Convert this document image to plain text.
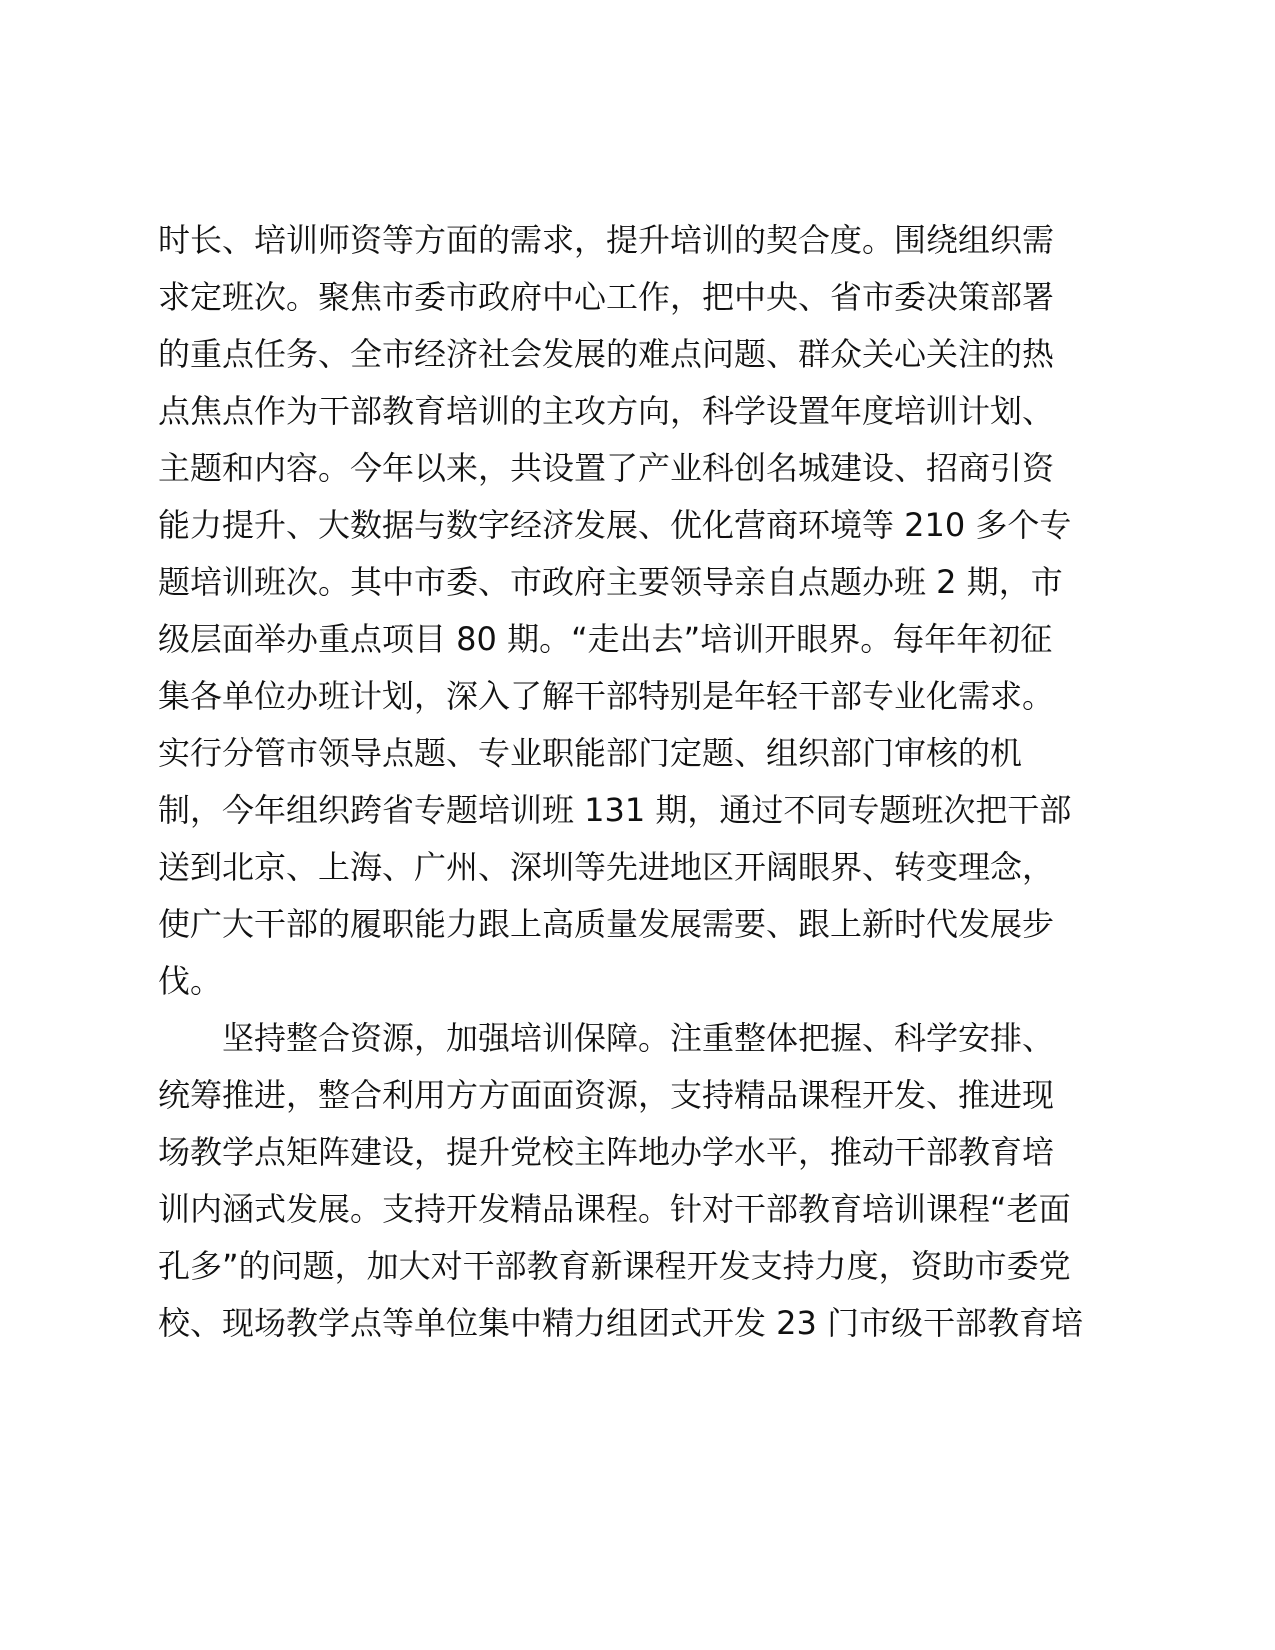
时长、培训师资等方面的需求，提升培训的契合度。围绕组织需
求定班次。聚焦市委市政府中心工作，把中央、省市委决策部署
的重点任务、全市经济社会发展的难点问题、群众关心关注的热
点焦点作为干部教育培训的主攻方向，科学设置年度培训计划、
主题和内容。今年以来，共设置了产业科创名城建设、招商引资
能力提升、大数据与数字经济发展、优化营商环境等 210 多个专
题培训班次。其中市委、市政府主要领导亲自点题办班 2 期，市
级层面举办重点项目 80 期。“走出去”培训开眼界。每年年初征
集各单位办班计划，深入了解干部特别是年轻干部专业化需求。
实行分管市领导点题、专业职能部门定题、组织部门审核的机
制，今年组织跨省专题培训班 131 期，通过不同专题班次把干部
送到北京、上海、广州、深圳等先进地区开阔眼界、转变理念，
使广大干部的履职能力跟上高质量发展需要、跟上新时代发展步
伐。
坚持整合资源，加强培训保障。注重整体把握、科学安排、
统筹推进，整合利用方方面面资源，支持精品课程开发、推进现
场教学点矩阵建设，提升党校主阵地办学水平，推动干部教育培
训内涵式发展。支持开发精品课程。针对干部教育培训课程“老面
孔多”的问题，加大对干部教育新课程开发支持力度，资助市委党
校、现场教学点等单位集中精力组团式开发 23 门市级干部教育培
